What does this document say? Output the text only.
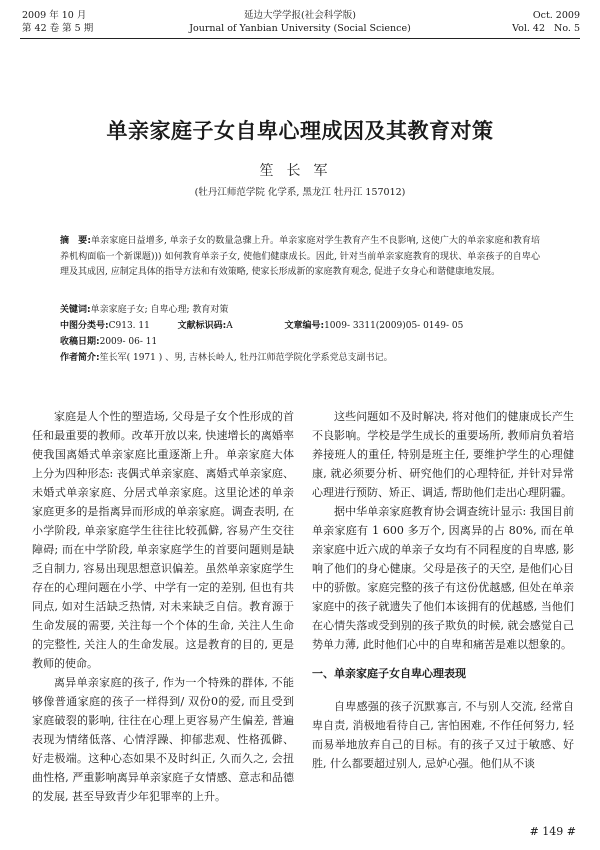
2009 年 10 月
第 42 卷 第 5 期
延边大学学报(社会科学版)
Journal of Yanbian University (Social Science)
Oct. 2009
Vol. 42   No. 5
单亲家庭子女自卑心理成因及其教育对策
笙长军
(牡丹江师范学院 化学系, 黑龙江 牡丹江 157012)
摘　要:单亲家庭日益增多, 单亲子女的数量急骤上升。单亲家庭对学生教育产生不良影响, 这使广大的单亲家庭和教育培养机构面临一个新课题))) 如何教育单亲子女, 使他们健康成长。因此, 针对当前单亲家庭教育的现状、单亲孩子的自卑心理及其成因, 应制定具体的指导方法和有效策略, 使家长形成新的家庭教育观念, 促进子女身心和谐健康地发展。
关键词:单亲家庭子女; 自卑心理; 教育对策
中图分类号:C913. 11	文献标识码:A	文章编号:1009- 3311(2009)05- 0149- 05
收稿日期:2009- 06- 11
作者简介:笙长军( 1971 ) 、男, 吉林长岭人, 牡丹江师范学院化学系党总支副书记。

家庭是人个性的塑造场, 父母是子女个性形成的首任和最重要的教师。改革开放以来, 快速增长的离婚率使我国离婚式单亲家庭比重逐渐上升。单亲家庭大体上分为四种形态: 丧偶式单亲家庭、离婚式单亲家庭、未婚式单亲家庭、分居式单亲家庭。这里论述的单亲家庭更多的是指离异而形成的单亲家庭。调查表明, 在小学阶段, 单亲家庭学生往往比较孤僻, 容易产生交往障碍; 而在中学阶段, 单亲家庭学生的首要问题则是缺乏自制力, 容易出现思想意识偏差。虽然单亲家庭学生存在的心理问题在小学、中学有一定的差别, 但也有共同点, 如对生活缺乏热情, 对未来缺乏自信。教育源于生命发展的需要, 关注每一个个体的生命, 关注人生命的完整性, 关注人的生命发展。这是教育的目的, 更是教师的使命。

离异单亲家庭的孩子, 作为一个特殊的群体, 不能够像普通家庭的孩子一样得到/ 双份0的爱, 而且受到家庭破裂的影响, 往往在心理上更容易产生偏差, 普遍表现为情绪低落、心情浮躁、抑郁悲观、性格孤僻、好走极端。这种心态如果不及时纠正, 久而久之, 会扭曲性格, 严重影响离异单亲家庭子女情感、意志和品德的发展, 甚至导致青少年犯罪率的上升。

这些问题如不及时解决, 将对他们的健康成长产生不良影响。学校是学生成长的重要场所, 教师肩负着培养接班人的重任, 特别是班主任, 要维护学生的心理健康, 就必须要分析、研究他们的心理特征, 并针对异常心理进行预防、矫正、调适, 帮助他们走出心理阴霾。

据中华单亲家庭教育协会调查统计显示: 我国目前单亲家庭有 1 600 多万个, 因离异的占 80%, 而在单亲家庭中近六成的单亲子女均有不同程度的自卑感, 影响了他们的身心健康。父母是孩子的天空, 是他们心目中的骄傲。家庭完整的孩子有这份优越感, 但处在单亲家庭中的孩子就遗失了他们本该拥有的优越感, 当他们在心情失落或受到别的孩子欺负的时候, 就会感觉自己势单力薄, 此时他们心中的自卑和痛苦是难以想象的。

一、单亲家庭子女自卑心理表现

自卑感强的孩子沉默寡言, 不与别人交流, 经常自卑自责, 消极地看待自己, 害怕困难, 不作任何努力, 轻而易举地放弃自己的目标。有的孩子又过于敏感、好胜, 什么都要超过别人, 忌妒心强。他们从不谈

# 149 #
